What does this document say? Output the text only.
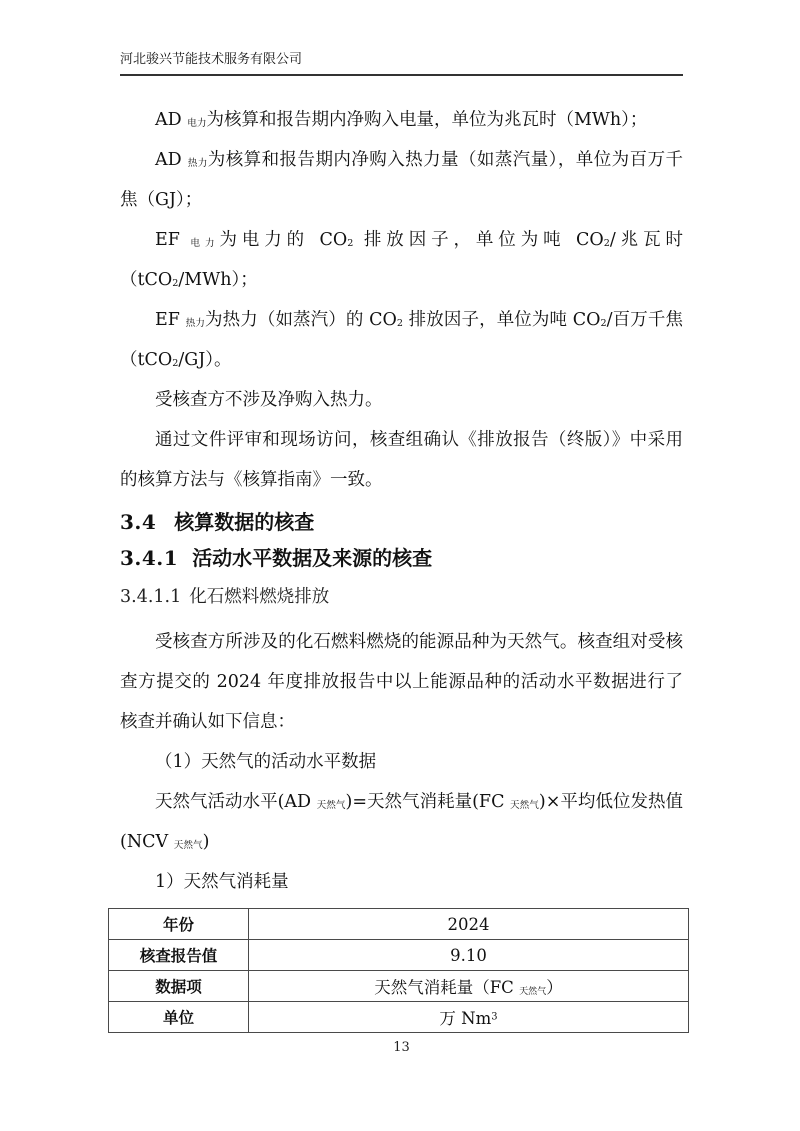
河北骏兴节能技术服务有限公司

AD $_{电力}$为核算和报告期内净购入电量，单位为兆瓦时（MWh）；

AD $_{热力}$为核算和报告期内净购入热力量（如蒸汽量），单位为百万千焦（GJ）；

EF $_{电力}$为电力的 $CO_2$ 排放因子，单位为吨 $CO_2/$兆瓦时（tCO$_2$/MWh）；

EF $_{热力}$为热力（如蒸汽）的 $CO_2$ 排放因子，单位为吨 $CO_2/$百万千焦（tCO$_2$/GJ）。

受核查方不涉及净购入热力。

通过文件评审和现场访问，核查组确认《排放报告（终版）》中采用的核算方法与《核算指南》一致。

3.4 核算数据的核查
3.4.1 活动水平数据及来源的核查
3.4.1.1 化石燃料燃烧排放

受核查方所涉及的化石燃料燃烧的能源品种为天然气。核查组对受核查方提交的 2024 年度排放报告中以上能源品种的活动水平数据进行了核查并确认如下信息：

（1）天然气的活动水平数据

天然气活动水平(AD $_{天然气}$)=天然气消耗量(FC $_{天然气}$)×平均低位发热值(NCV $_{天然气}$)

1）天然气消耗量

年份	2024
核查报告值	9.10
数据项	天然气消耗量（FC $_{天然气}$）
单位	万 Nm$^3$
13
